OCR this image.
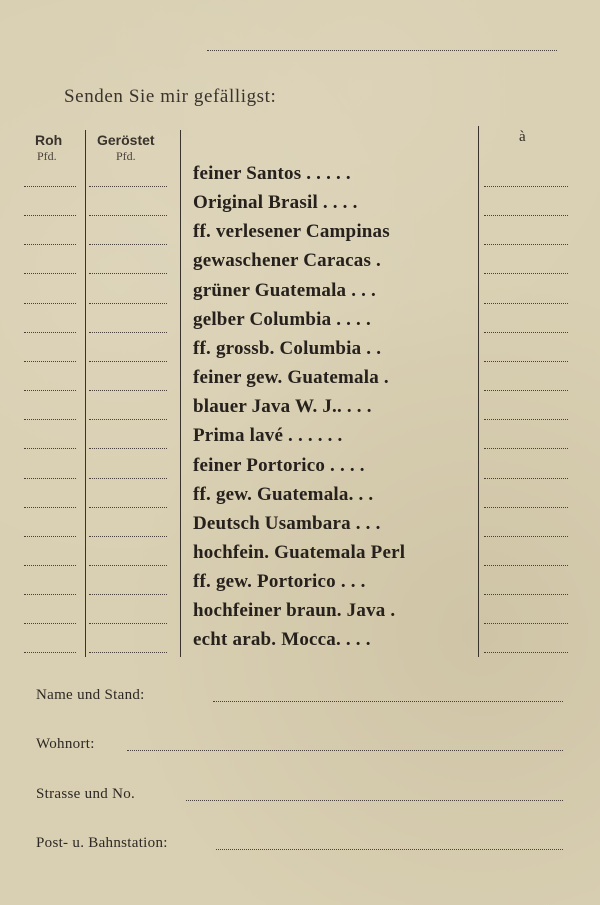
Senden Sie mir gefälligst:
Roh
Pfd.
Geröstet
Pfd.
à
feiner Santos . . . . .
Original Brasil . . . .
ff. verlesener Campinas
gewaschener Caracas .
grüner Guatemala . . .
gelber Columbia . . . .
ff. grossb. Columbia . .
feiner gew. Guatemala .
blauer Java W. J.. . . .
Prima lavé . . . . . .
feiner Portorico . . . .
ff. gew. Guatemala. . .
Deutsch Usambara . . .
hochfein. Guatemala Perl
ff. gew. Portorico . . .
hochfeiner braun. Java .
echt arab. Mocca. . . .
Name und Stand:
Wohnort:
Strasse und No.
Post- u. Bahnstation:
